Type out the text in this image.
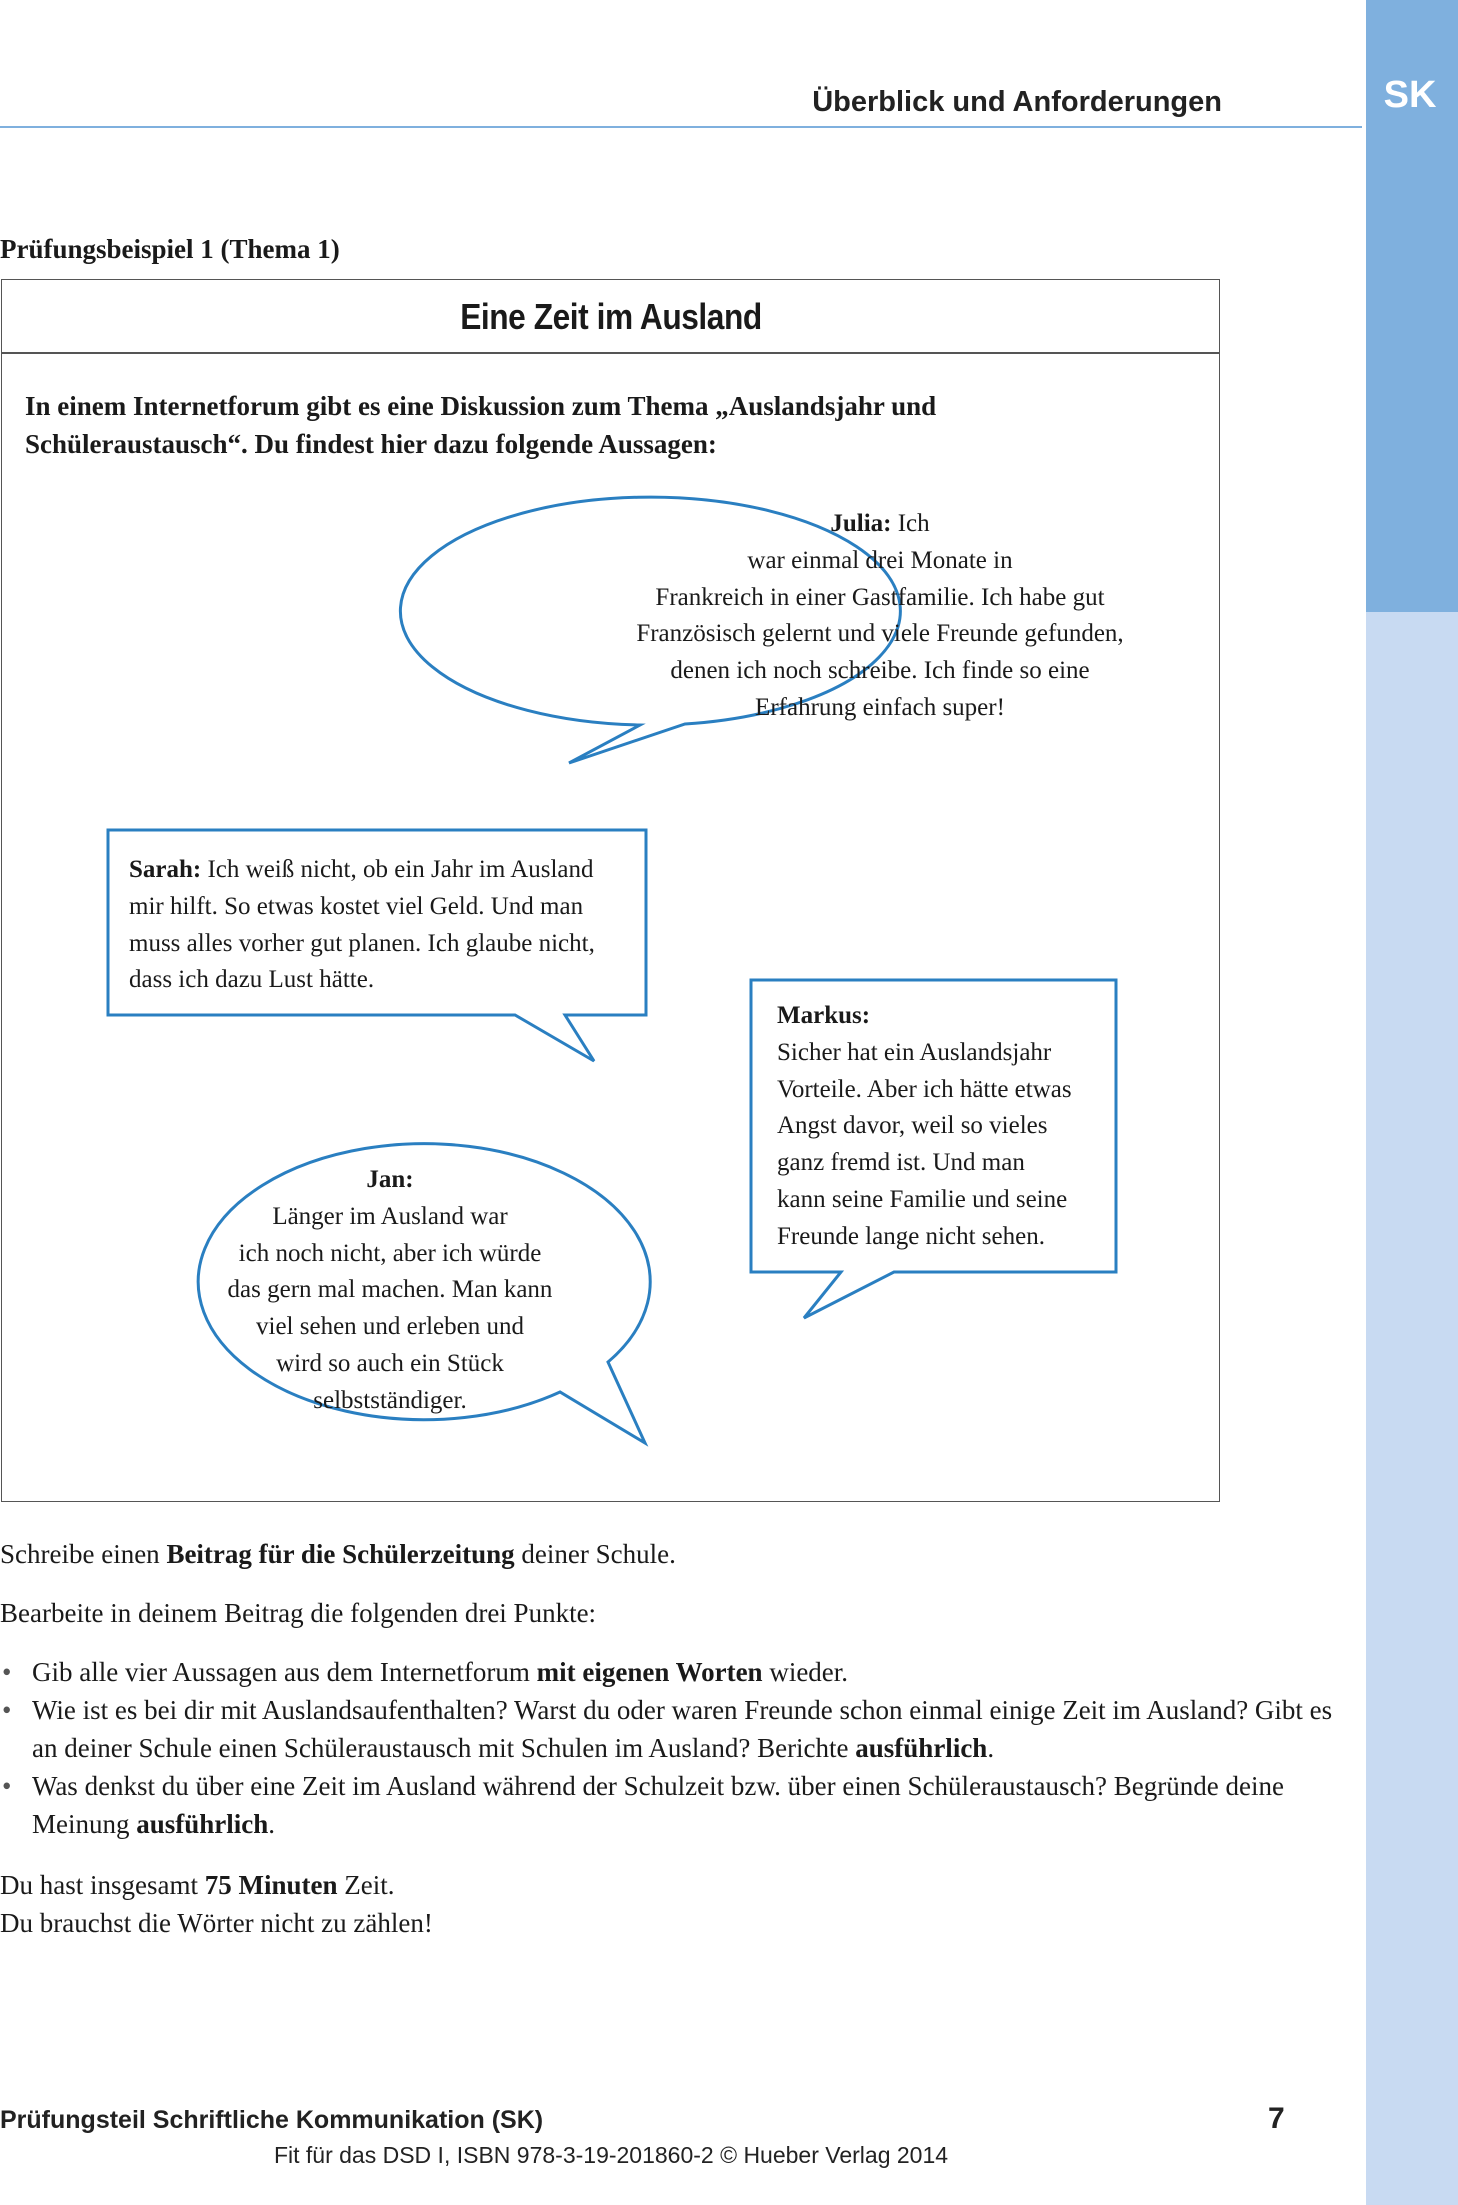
SK
Überblick und Anforderungen
Prüfungsbeispiel 1 (Thema 1)
Eine Zeit im Ausland
In einem Internetforum gibt es eine Diskussion zum Thema „Auslandsjahr und
Schüleraustausch“. Du findest hier dazu folgende Aussagen:
Julia: Ich
war einmal drei Monate in
Frankreich in einer Gastfamilie. Ich habe gut
Französisch gelernt und viele Freunde gefunden,
denen ich noch schreibe. Ich finde so eine
Erfahrung einfach super!
Sarah: Ich weiß nicht, ob ein Jahr im Ausland
mir hilft. So etwas kostet viel Geld. Und man
muss alles vorher gut planen. Ich glaube nicht,
dass ich dazu Lust hätte.
Markus:
Sicher hat ein Auslandsjahr
Vorteile. Aber ich hätte etwas
Angst davor, weil so vieles
ganz fremd ist. Und man
kann seine Familie und seine
Freunde lange nicht sehen.
Jan:
Länger im Ausland war
ich noch nicht, aber ich würde
das gern mal machen. Man kann
viel sehen und erleben und
wird so auch ein Stück
selbstständiger.
Schreibe einen Beitrag für die Schülerzeitung deiner Schule.
Bearbeite in deinem Beitrag die folgenden drei Punkte:
• Gib alle vier Aussagen aus dem Internetforum mit eigenen Worten wieder.
• Wie ist es bei dir mit Auslandsaufenthalten? Warst du oder waren Freunde schon einmal einige Zeit im Ausland? Gibt es an deiner Schule einen Schüleraustausch mit Schulen im Ausland? Berichte ausführlich.
• Was denkst du über eine Zeit im Ausland während der Schulzeit bzw. über einen Schüleraustausch? Begründe deine Meinung ausführlich.
Du hast insgesamt 75 Minuten Zeit.
Du brauchst die Wörter nicht zu zählen!
Prüfungsteil Schriftliche Kommunikation (SK)	7
Fit für das DSD I, ISBN 978-3-19-201860-2 © Hueber Verlag 2014
